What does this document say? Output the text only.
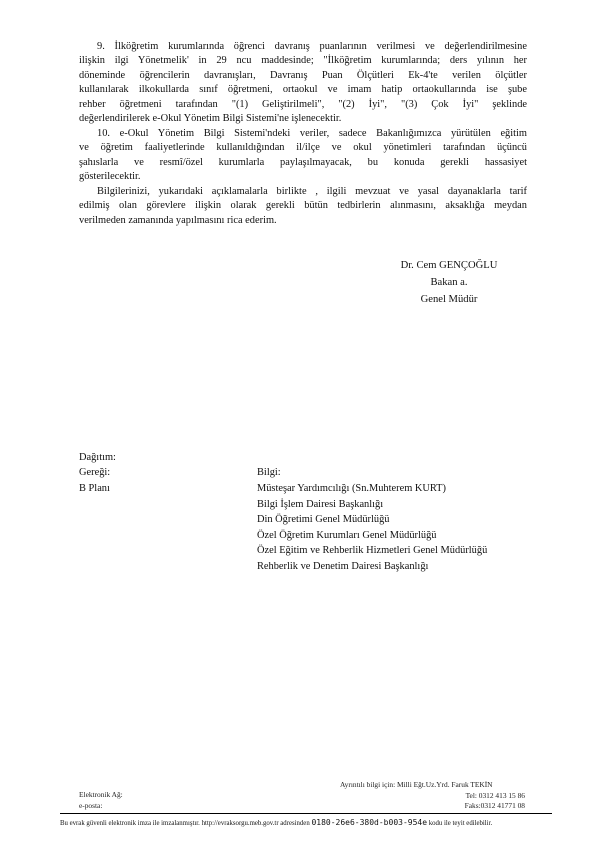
9. İlköğretim kurumlarında öğrenci davranış puanlarının verilmesi ve değerlendirilmesine
ilişkin ilgi Yönetmelik' in 29 ncu maddesinde; "İlköğretim kurumlarında; ders yılının her
döneminde öğrencilerin davranışları, Davranış Puan Ölçütleri Ek-4'te verilen ölçütler
kullanılarak ilkokullarda sınıf öğretmeni, ortaokul ve imam hatip ortaokullarında ise şube
rehber öğretmeni tarafından "(1) Geliştirilmeli", "(2) İyi", "(3) Çok İyi" şeklinde
değerlendirilerek e-Okul Yönetim Bilgi Sistemi'ne işlenecektir.
10. e-Okul Yönetim Bilgi Sistemi'ndeki veriler, sadece Bakanlığımızca yürütülen eğitim
ve öğretim faaliyetlerinde kullanıldığından il/ilçe ve okul yönetimleri tarafından üçüncü
şahıslarla ve resmî/özel kurumlarla paylaşılmayacak, bu konuda gerekli hassasiyet
gösterilecektir.
Bilgilerinizi, yukarıdaki açıklamalarla birlikte , ilgili mevzuat ve yasal dayanaklarla tarif
edilmiş olan görevlere ilişkin olarak gerekli bütün tedbirlerin alınmasını, aksaklığa meydan
verilmeden zamanında yapılmasını rica ederim.
Dr. Cem GENÇOĞLU
Bakan a.
Genel Müdür
Dağıtım:
Gereği:
B Planı
Bilgi:
Müsteşar Yardımcılığı (Sn.Muhterem KURT)
Bilgi İşlem Dairesi Başkanlığı
Din Öğretimi Genel Müdürlüğü
Özel Öğretim Kurumları Genel Müdürlüğü
Özel Eğitim ve Rehberlik Hizmetleri Genel Müdürlüğü
Rehberlik ve Denetim Dairesi Başkanlığı
Ayrıntılı bilgi için: Milli Eğt.Uz.Yrd. Faruk TEKİN
Elektronik Ağ:	Tel: 0312 413 15 86
e-posta:	Faks:0312 41771 08
Bu evrak güvenli elektronik imza ile imzalanmıştır. http://evraksorgu.meb.gov.tr adresinden 0180-26e6-380d-b003-954e kodu ile teyit edilebilir.
